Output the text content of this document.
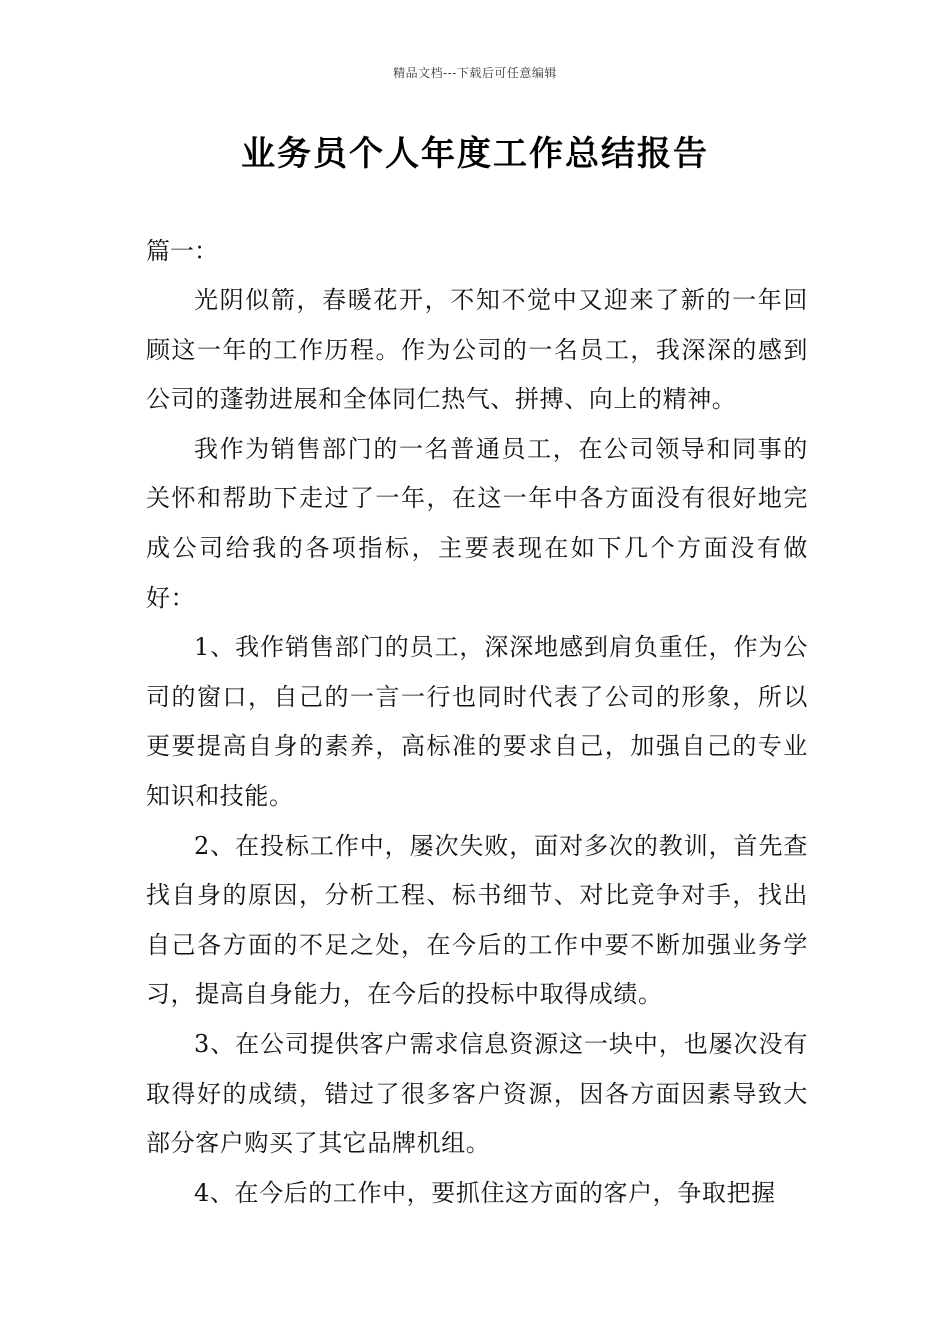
精品文档---下载后可任意编辑
业务员个人年度工作总结报告

篇一：

光阴似箭，春暖花开，不知不觉中又迎来了新的一年回顾这一年的工作历程。作为公司的一名员工，我深深的感到公司的蓬勃进展和全体同仁热气、拼搏、向上的精神。

我作为销售部门的一名普通员工，在公司领导和同事的关怀和帮助下走过了一年，在这一年中各方面没有很好地完成公司给我的各项指标，主要表现在如下几个方面没有做好：

1、我作销售部门的员工，深深地感到肩负重任，作为公司的窗口，自己的一言一行也同时代表了公司的形象，所以更要提高自身的素养，高标准的要求自己，加强自己的专业知识和技能。

2、在投标工作中，屡次失败，面对多次的教训，首先查找自身的原因，分析工程、标书细节、对比竞争对手，找出自己各方面的不足之处，在今后的工作中要不断加强业务学习，提高自身能力，在今后的投标中取得成绩。

3、在公司提供客户需求信息资源这一块中，也屡次没有取得好的成绩，错过了很多客户资源，因各方面因素导致大部分客户购买了其它品牌机组。

4、在今后的工作中，要抓住这方面的客户，争取把握
